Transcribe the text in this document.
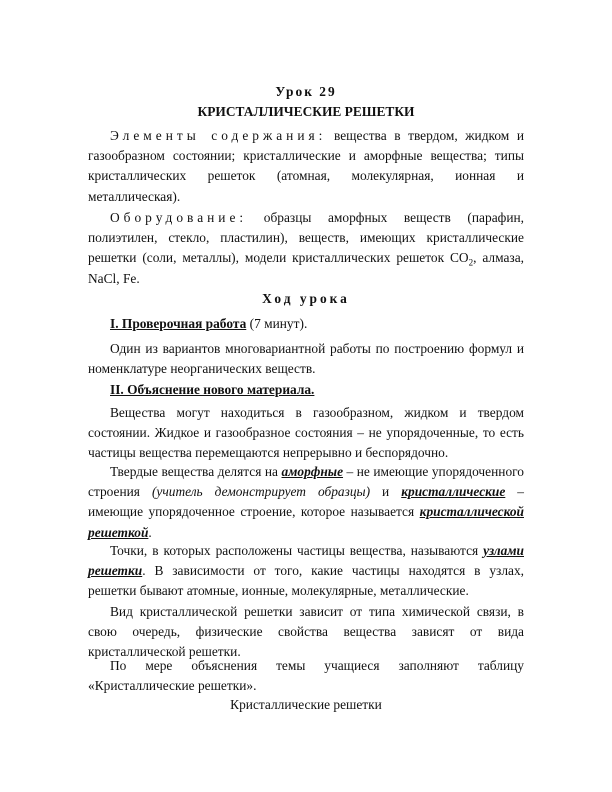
Урок 29
КРИСТАЛЛИЧЕСКИЕ РЕШЕТКИ
Элементы содержания: вещества в твердом, жидком и газообразном состоянии; кристаллические и аморфные вещества; типы кристаллических решеток (атомная, молекулярная, ионная и металлическая).
Оборудование: образцы аморфных веществ (парафин, полиэтилен, стекло, пластилин), веществ, имеющих кристаллические решетки (соли, металлы), модели кристаллических решеток $CO_2$, алмаза, NaCl, Fe.
Ход урока
I. Проверочная работа (7 минут).
Один из вариантов многовариантной работы по построению формул и номенклатуре неорганических веществ.
II. Объяснение нового материала.
Вещества могут находиться в газообразном, жидком и твердом состоянии. Жидкое и газообразное состояния – не упорядоченные, то есть частицы вещества перемещаются непрерывно и беспорядочно.
Твердые вещества делятся на аморфные – не имеющие упорядоченного строения (учитель демонстрирует образцы) и кристаллические – имеющие упорядоченное строение, которое называется кристаллической решеткой.
Точки, в которых расположены частицы вещества, называются узлами решетки. В зависимости от того, какие частицы находятся в узлах, решетки бывают атомные, ионные, молекулярные, металлические.
Вид кристаллической решетки зависит от типа химической связи, в свою очередь, физические свойства вещества зависят от вида кристаллической решетки.
По мере объяснения темы учащиеся заполняют таблицу «Кристаллические решетки».
Кристаллические решетки
